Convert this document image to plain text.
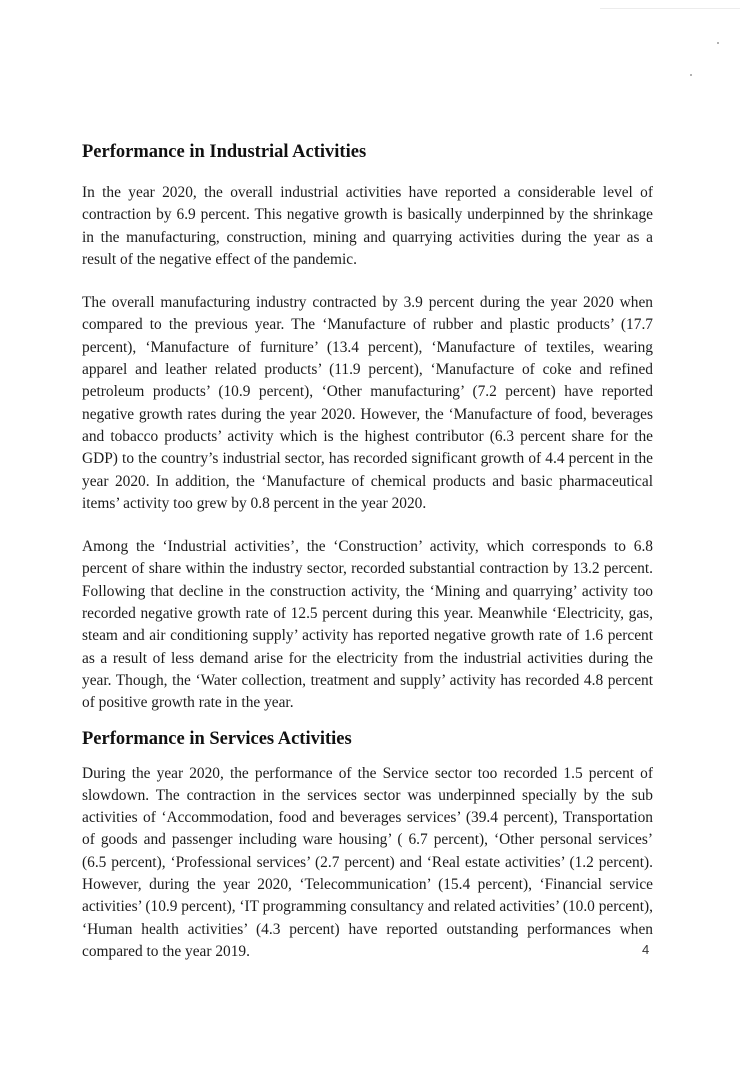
Performance in Industrial Activities

In the year 2020, the overall industrial activities have reported a considerable level of contraction by 6.9 percent. This negative growth is basically underpinned by the shrinkage in the manufacturing, construction, mining and quarrying activities during the year as a result of the negative effect of the pandemic.

The overall manufacturing industry contracted by 3.9 percent during the year 2020 when compared to the previous year. The ‘Manufacture of rubber and plastic products’ (17.7 percent), ‘Manufacture of furniture’ (13.4 percent), ‘Manufacture of textiles, wearing apparel and leather related products’ (11.9 percent), ‘Manufacture of coke and refined petroleum products’ (10.9 percent), ‘Other manufacturing’ (7.2 percent) have reported negative growth rates during the year 2020. However, the ‘Manufacture of food, beverages and tobacco products’ activity which is the highest contributor (6.3 percent share for the GDP) to the country’s industrial sector, has recorded significant growth of 4.4 percent in the year 2020. In addition, the ‘Manufacture of chemical products and basic pharmaceutical items’ activity too grew by 0.8 percent in the year 2020.

Among the ‘Industrial activities’, the ‘Construction’ activity, which corresponds to 6.8 percent of share within the industry sector, recorded substantial contraction by 13.2 percent. Following that decline in the construction activity, the ‘Mining and quarrying’ activity too recorded negative growth rate of 12.5 percent during this year. Meanwhile ‘Electricity, gas, steam and air conditioning supply’ activity has reported negative growth rate of 1.6 percent as a result of less demand arise for the electricity from the industrial activities during the year. Though, the ‘Water collection, treatment and supply’ activity has recorded 4.8 percent of positive growth rate in the year.

Performance in Services Activities

During the year 2020, the performance of the Service sector too recorded 1.5 percent of slowdown. The contraction in the services sector was underpinned specially by the sub activities of ‘Accommodation, food and beverages services’ (39.4 percent), Transportation of goods and passenger including ware housing’ ( 6.7 percent), ‘Other personal services’ (6.5 percent), ‘Professional services’ (2.7 percent) and ‘Real estate activities’ (1.2 percent). However, during the year 2020, ‘Telecommunication’ (15.4 percent), ‘Financial service activities’ (10.9 percent), ‘IT programming consultancy and related activities’ (10.0 percent), ‘Human health activities’ (4.3 percent) have reported outstanding performances when compared to the year 2019.	4
